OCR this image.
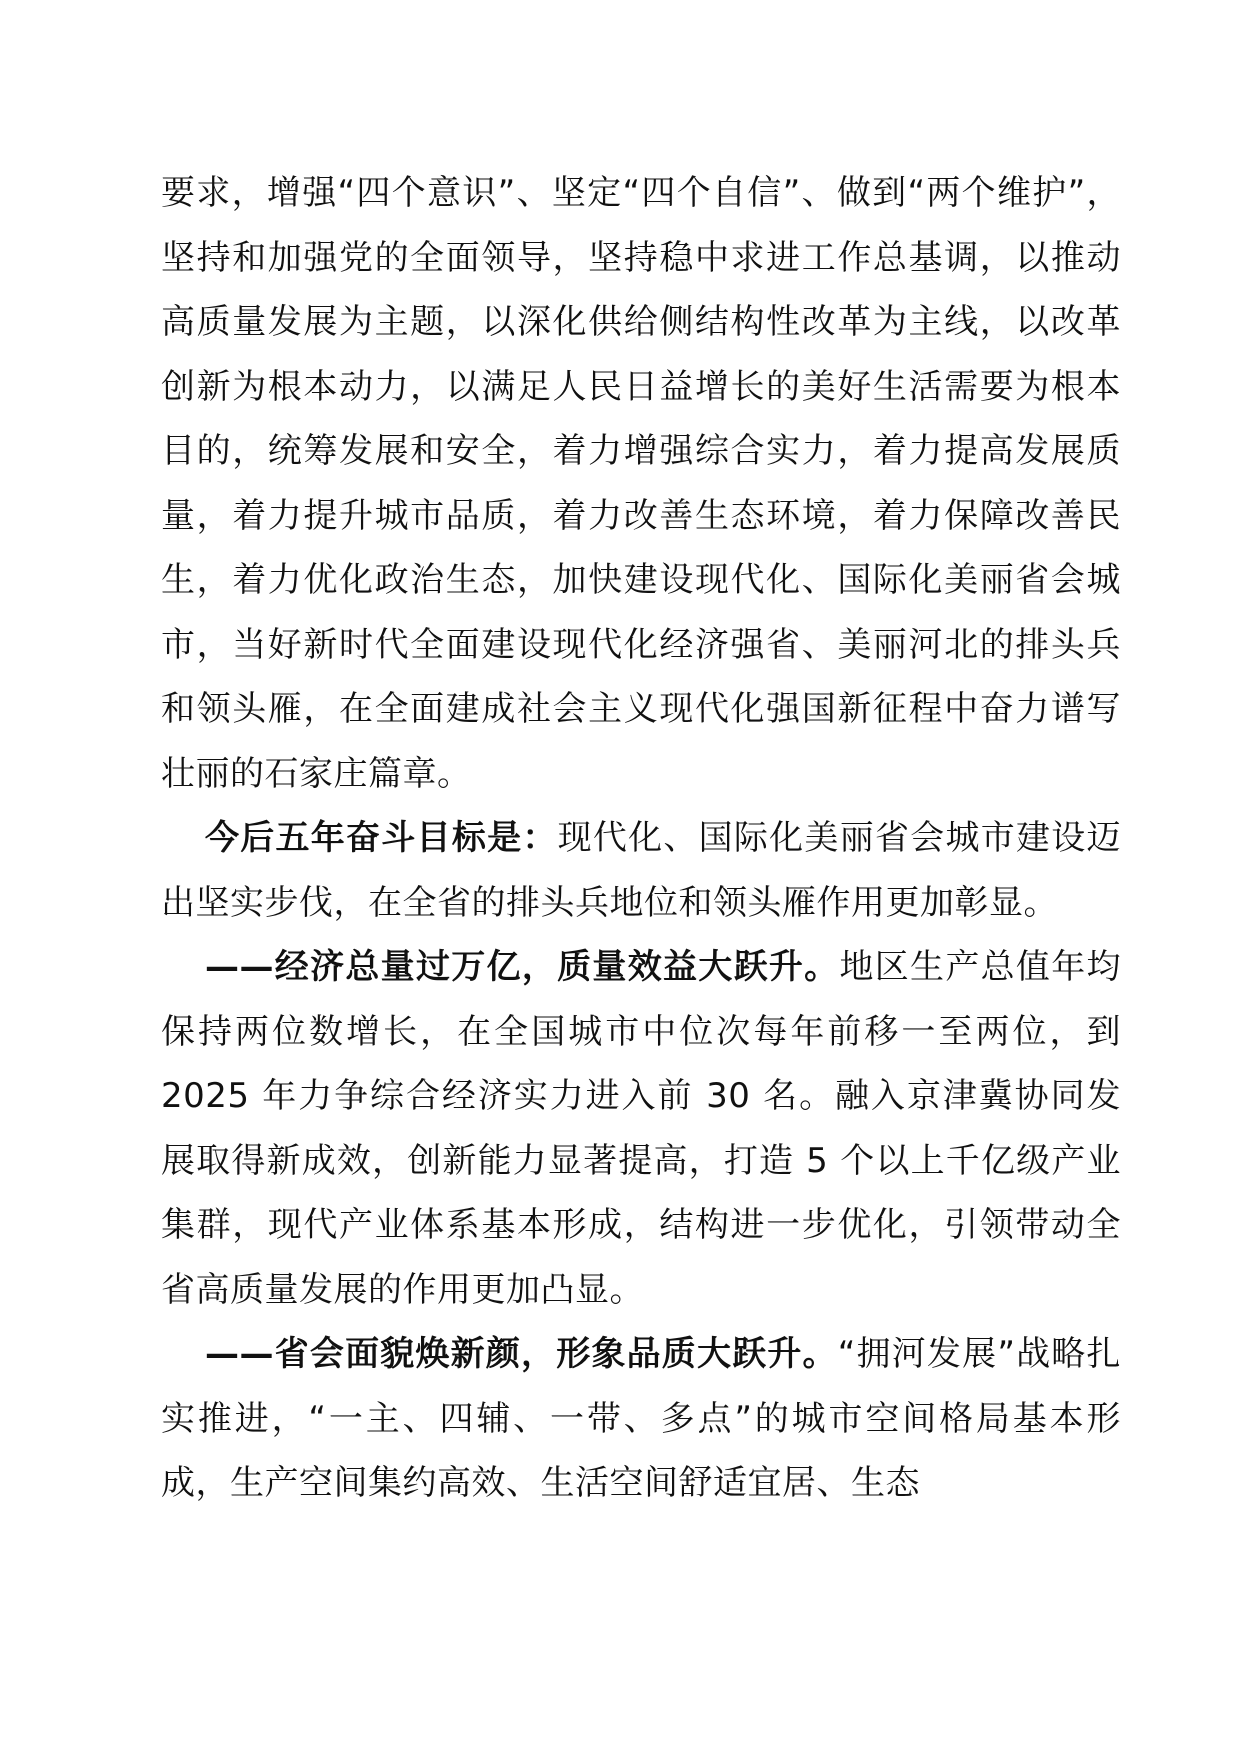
要求，增强“四个意识”、坚定“四个自信”、做到“两个维护”，坚持和加强党的全面领导，坚持稳中求进工作总基调，以推动高质量发展为主题，以深化供给侧结构性改革为主线，以改革创新为根本动力，以满足人民日益增长的美好生活需要为根本目的，统筹发展和安全，着力增强综合实力，着力提高发展质量，着力提升城市品质，着力改善生态环境，着力保障改善民生，着力优化政治生态，加快建设现代化、国际化美丽省会城市，当好新时代全面建设现代化经济强省、美丽河北的排头兵和领头雁，在全面建成社会主义现代化强国新征程中奋力谱写壮丽的石家庄篇章。

今后五年奋斗目标是：现代化、国际化美丽省会城市建设迈出坚实步伐，在全省的排头兵地位和领头雁作用更加彰显。

——经济总量过万亿，质量效益大跃升。地区生产总值年均保持两位数增长，在全国城市中位次每年前移一至两位，到 2025 年力争综合经济实力进入前 30 名。融入京津冀协同发展取得新成效，创新能力显著提高，打造 5 个以上千亿级产业集群，现代产业体系基本形成，结构进一步优化，引领带动全省高质量发展的作用更加凸显。

——省会面貌焕新颜，形象品质大跃升。“拥河发展”战略扎实推进，“一主、四辅、一带、多点”的城市空间格局基本形成，生产空间集约高效、生活空间舒适宜居、生态
